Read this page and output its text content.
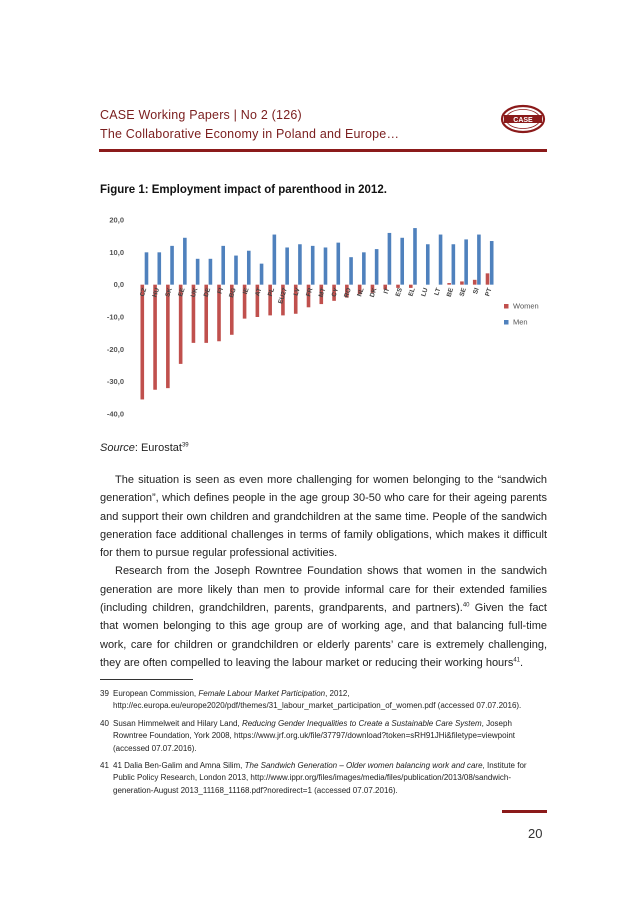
CASE Working Papers | No 2 (126)
The Collaborative Economy in Poland and Europe…
CASE
Figure 1: Employment impact of parenthood in 2012.
20,0
10,0
0,0
-10,0
-20,0
-30,0
-40,0
CZ HU SK EE UK DE FI BG IE AT PL EU27 LV FR MT CY RO NL DK IT ES EL LU LT BE SE SI PT
Women
Men
Source: Eurostat$^{39}$

The situation is seen as even more challenging for women belonging to the “sandwich generation”, which defines people in the age group 30-50 who care for their ageing parents and support their own children and grandchildren at the same time. People of the sandwich generation face additional challenges in terms of family obligations, which makes it difficult for them to pursue regular professional activities.

Research from the Joseph Rowntree Foundation shows that women in the sandwich generation are more likely than men to provide informal care for their extended families (including children, grandchildren, parents, grandparents, and partners).$^{40}$ Given the fact that women belonging to this age group are of working age, and that balancing full-time work, care for children or grandchildren or elderly parents’ care is extremely challenging, they are often compelled to leaving the labour market or reducing their working hours$^{41}$.

39 European Commission, Female Labour Market Participation, 2012, http://ec.europa.eu/europe2020/pdf/themes/31_labour_market_participation_of_women.pdf (accessed 07.07.2016).
40 Susan Himmelweit and Hilary Land, Reducing Gender Inequalities to Create a Sustainable Care System, Joseph Rowntree Foundation, York 2008, https://www.jrf.org.uk/file/37797/download?token=sRH91JHi&filetype=viewpoint (accessed 07.07.2016).
41 41 Dalia Ben-Galim and Amna Silim, The Sandwich Generation – Older women balancing work and care, Institute for Public Policy Research, London 2013, http://www.ippr.org/files/images/media/files/publication/2013/08/sandwich-generation-August 2013_11168_11168.pdf?noredirect=1 (accessed 07.07.2016).
20
